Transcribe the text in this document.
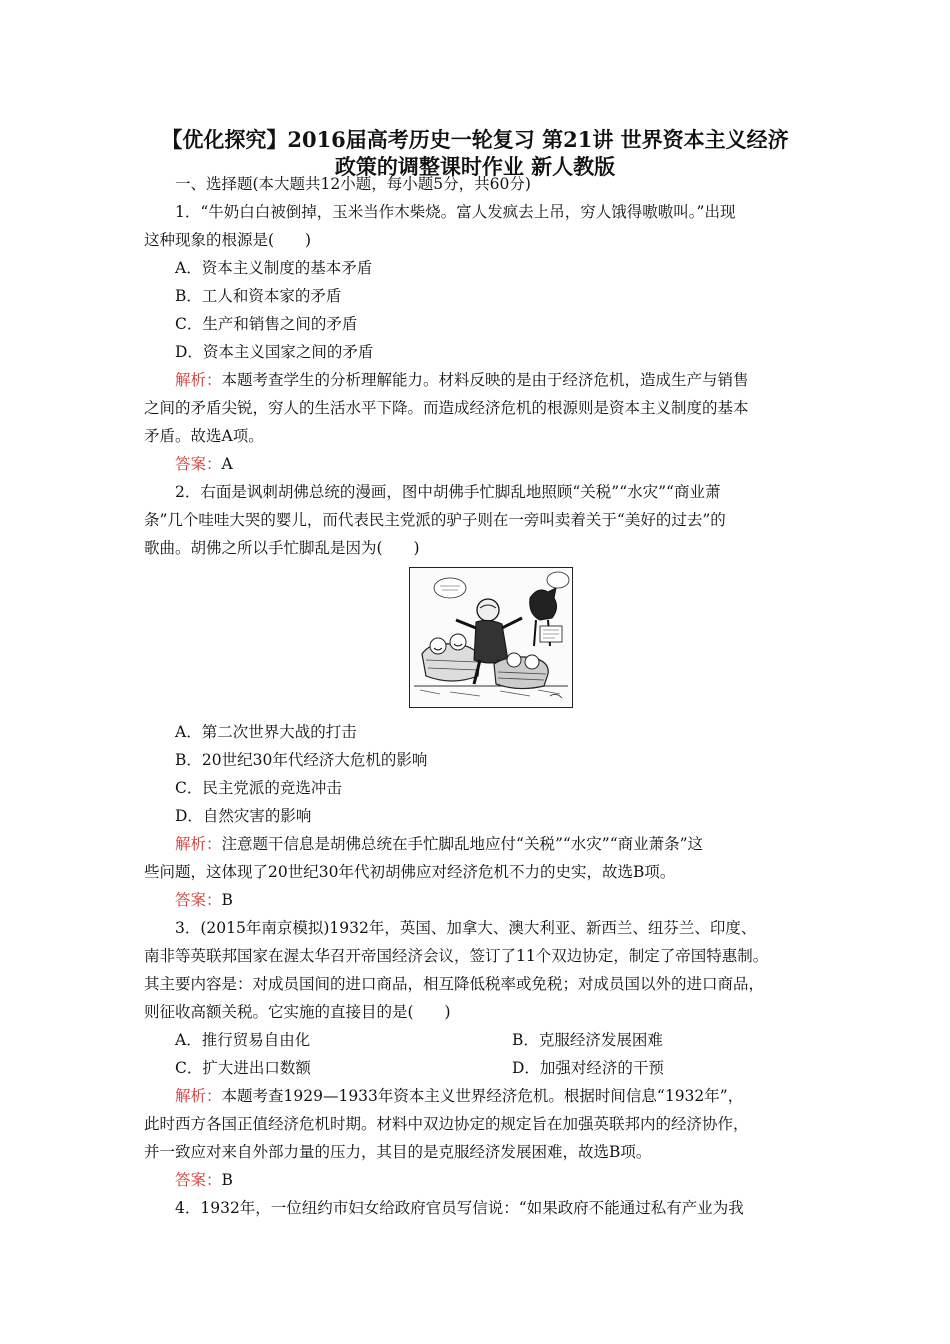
【优化探究】2016届高考历史一轮复习 第21讲 世界资本主义经济
政策的调整课时作业 新人教版
一、选择题(本大题共12小题，每小题5分，共60分)
1．“牛奶白白被倒掉，玉米当作木柴烧。富人发疯去上吊，穷人饿得嗷嗷叫。”出现
这种现象的根源是(　　)
A．资本主义制度的基本矛盾
B．工人和资本家的矛盾
C．生产和销售之间的矛盾
D．资本主义国家之间的矛盾
解析：本题考查学生的分析理解能力。材料反映的是由于经济危机，造成生产与销售
之间的矛盾尖锐，穷人的生活水平下降。而造成经济危机的根源则是资本主义制度的基本
矛盾。故选A项。
答案：A
2．右面是讽刺胡佛总统的漫画，图中胡佛手忙脚乱地照顾“关税”“水灾”“商业萧
条”几个哇哇大哭的婴儿，而代表民主党派的驴子则在一旁叫卖着关于“美好的过去”的
歌曲。胡佛之所以手忙脚乱是因为(　　)
A．第二次世界大战的打击
B．20世纪30年代经济大危机的影响
C．民主党派的竞选冲击
D．自然灾害的影响
解析：注意题干信息是胡佛总统在手忙脚乱地应付“关税”“水灾”“商业萧条”这
些问题，这体现了20世纪30年代初胡佛应对经济危机不力的史实，故选B项。
答案：B
3．(2015年南京模拟)1932年，英国、加拿大、澳大利亚、新西兰、纽芬兰、印度、
南非等英联邦国家在渥太华召开帝国经济会议，签订了11个双边协定，制定了帝国特惠制。
其主要内容是：对成员国间的进口商品，相互降低税率或免税；对成员国以外的进口商品，
则征收高额关税。它实施的直接目的是(　　)
A．推行贸易自由化	B．克服经济发展困难
C．扩大进出口数额	D．加强对经济的干预
解析：本题考查1929—1933年资本主义世界经济危机。根据时间信息“1932年”，
此时西方各国正值经济危机时期。材料中双边协定的规定旨在加强英联邦内的经济协作，
并一致应对来自外部力量的压力，其目的是克服经济发展困难，故选B项。
答案：B
4．1932年，一位纽约市妇女给政府官员写信说：“如果政府不能通过私有产业为我
